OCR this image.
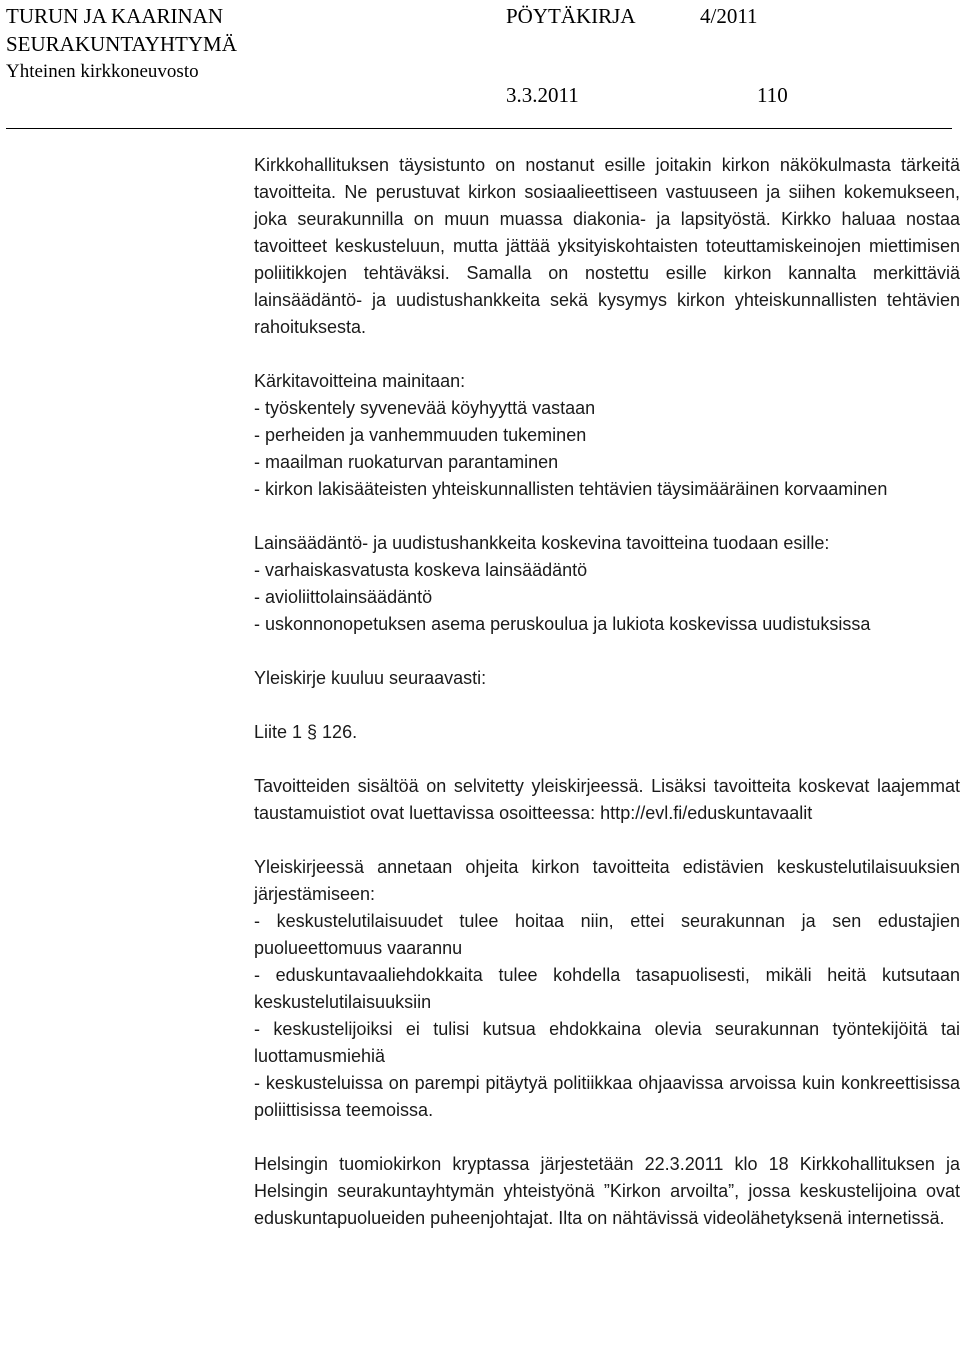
TURUN JA KAARINAN
SEURAKUNTAYHTYMÄ
Yhteinen kirkkoneuvosto
PÖYTÄKIRJA	4/2011
3.3.2011	110

Kirkkohallituksen täysistunto on nostanut esille joitakin kirkon näkökulmasta tärkeitä tavoitteita. Ne perustuvat kirkon sosiaalieettiseen vastuuseen ja siihen kokemukseen, joka seurakunnilla on muun muassa diakonia- ja lapsityöstä. Kirkko haluaa nostaa tavoitteet keskusteluun, mutta jättää yksityiskohtaisten toteuttamiskeinojen miettimisen poliitikkojen tehtäväksi. Samalla on nostettu esille kirkon kannalta merkittäviä lainsäädäntö- ja uudistushankkeita sekä kysymys kirkon yhteiskunnallisten tehtävien rahoituksesta.

Kärkitavoitteina mainitaan:

- työskentely syvenevää köyhyyttä vastaan

- perheiden ja vanhemmuuden tukeminen

- maailman ruokaturvan parantaminen

- kirkon lakisääteisten yhteiskunnallisten tehtävien täysimääräinen korvaaminen

Lainsäädäntö- ja uudistushankkeita koskevina tavoitteina tuodaan esille:

- varhaiskasvatusta koskeva lainsäädäntö

- avioliittolainsäädäntö

- uskonnonopetuksen asema peruskoulua ja lukiota koskevissa uudistuksissa

Yleiskirje kuuluu seuraavasti:

Liite 1 § 126.

Tavoitteiden sisältöä on selvitetty yleiskirjeessä. Lisäksi tavoitteita koskevat laajemmat taustamuistiot ovat luettavissa osoitteessa: http://evl.fi/eduskuntavaalit

Yleiskirjeessä annetaan ohjeita kirkon tavoitteita edistävien keskustelutilaisuuksien järjestämiseen:

- keskustelutilaisuudet tulee hoitaa niin, ettei seurakunnan ja sen edustajien puolueettomuus vaarannu

- eduskuntavaaliehdokkaita tulee kohdella tasapuolisesti, mikäli heitä kutsutaan keskustelutilaisuuksiin

- keskustelijoiksi ei tulisi kutsua ehdokkaina olevia seurakunnan työntekijöitä tai luottamusmiehiä

- keskusteluissa on parempi pitäytyä politiikkaa ohjaavissa arvoissa kuin konkreettisissa poliittisissa teemoissa.

Helsingin tuomiokirkon kryptassa järjestetään 22.3.2011 klo 18 Kirkkohallituksen ja Helsingin seurakuntayhtymän yhteistyönä ”Kirkon arvoilta”, jossa keskustelijoina ovat eduskuntapuolueiden puheenjohtajat. Ilta on nähtävissä videolähetyksenä internetissä.
